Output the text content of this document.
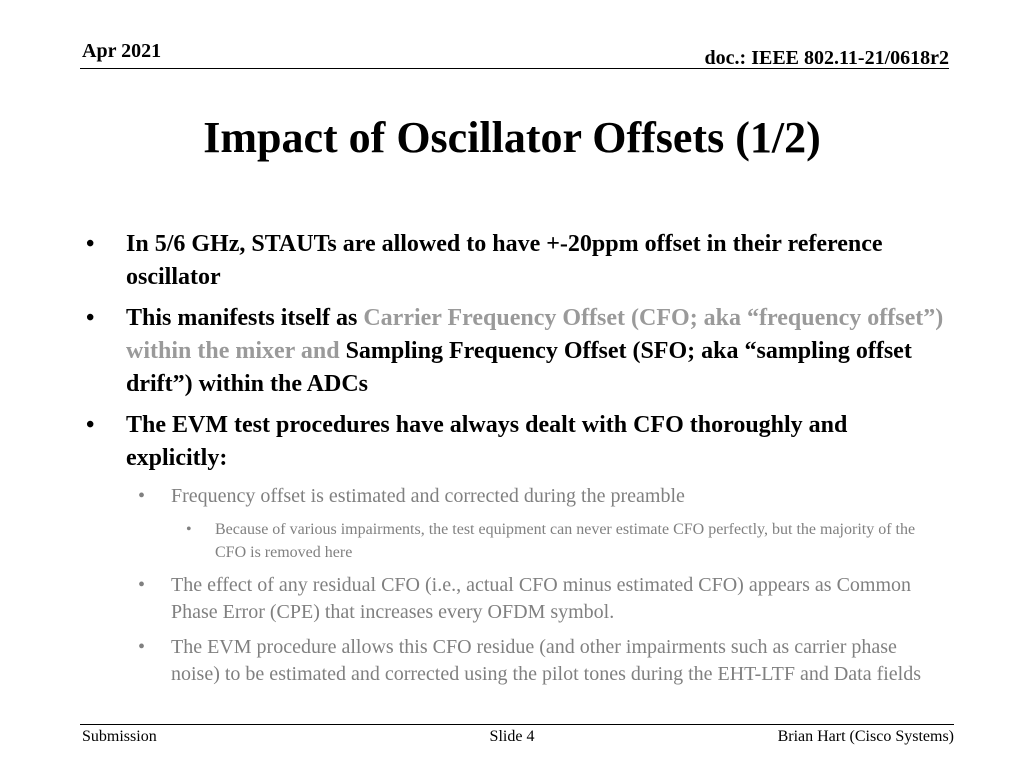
Apr 2021	doc.: IEEE 802.11-21/0618r2
Impact of Oscillator Offsets (1/2)
• In 5/6 GHz, STAUTs are allowed to have +-20ppm offset in their reference oscillator
• This manifests itself as Carrier Frequency Offset (CFO; aka “frequency offset”) within the mixer and Sampling Frequency Offset (SFO; aka “sampling offset drift”) within the ADCs
• The EVM test procedures have always dealt with CFO thoroughly and explicitly:
• Frequency offset is estimated and corrected during the preamble
• Because of various impairments, the test equipment can never estimate CFO perfectly, but the majority of the CFO is removed here
• The effect of any residual CFO (i.e., actual CFO minus estimated CFO) appears as Common Phase Error (CPE) that increases every OFDM symbol.
• The EVM procedure allows this CFO residue (and other impairments such as carrier phase noise) to be estimated and corrected using the pilot tones during the EHT-LTF and Data fields
Submission	Slide 4	Brian Hart (Cisco Systems)
